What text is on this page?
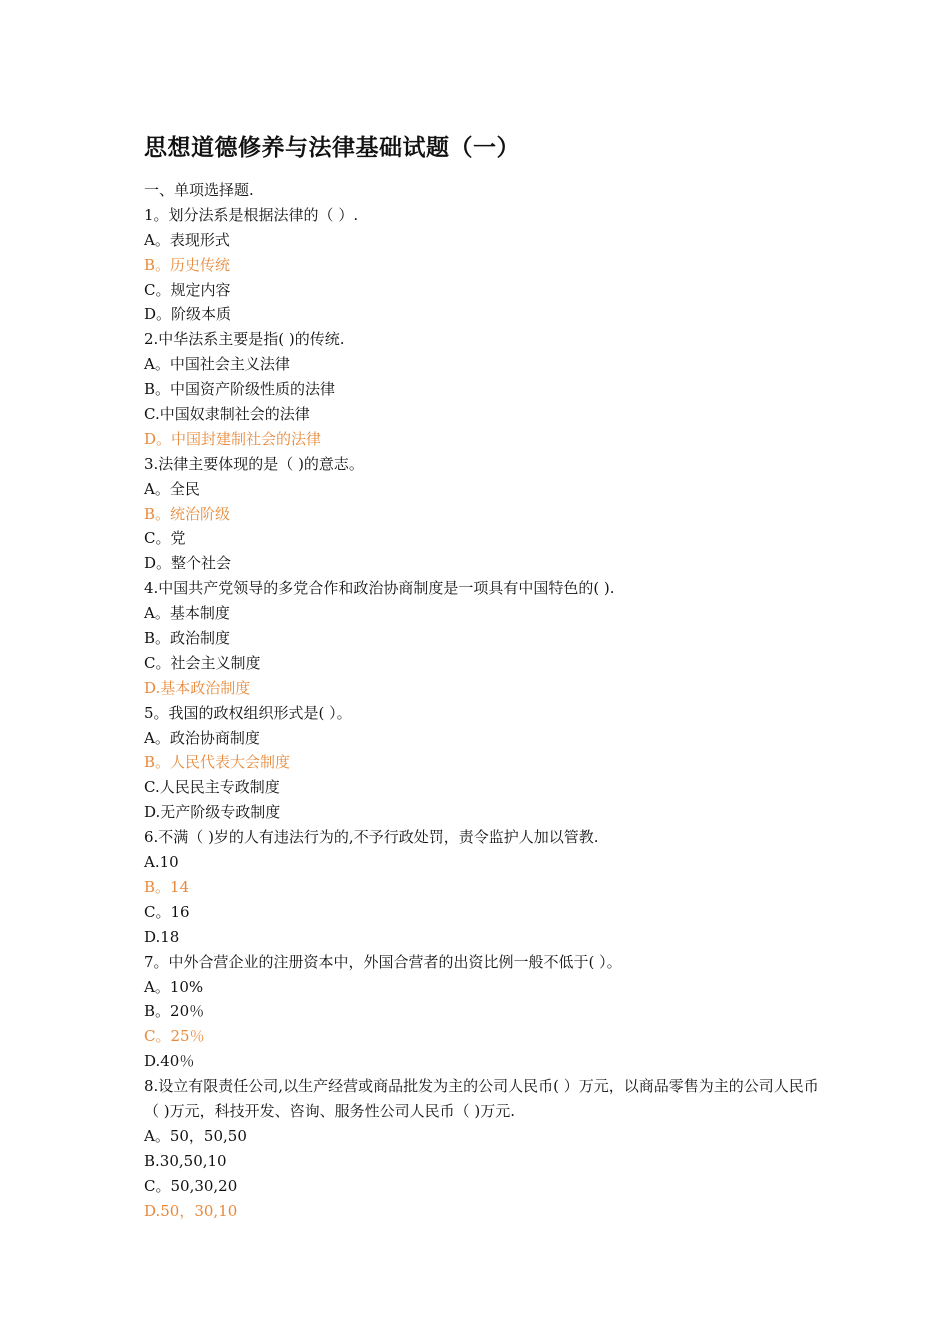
思想道德修养与法律基础试题（一）
一、单项选择题.
1。划分法系是根据法律的（ ）.
A。表现形式
B。历史传统
C。规定内容
D。阶级本质
2.中华法系主要是指( )的传统.
A。中国社会主义法律
B。中国资产阶级性质的法律
C.中国奴隶制社会的法律
D。中国封建制社会的法律
3.法律主要体现的是（ )的意志。
A。全民
B。统治阶级
C。党
D。整个社会
4.中国共产党领导的多党合作和政治协商制度是一项具有中国特色的( ).
A。基本制度
B。政治制度
C。社会主义制度
D.基本政治制度
5。我国的政权组织形式是( ）。
A。政治协商制度
B。人民代表大会制度
C.人民民主专政制度
D.无产阶级专政制度
6.不满（ )岁的人有违法行为的,不予行政处罚，责令监护人加以管教.
A.10
B。14
C。16
D.18
7。中外合营企业的注册资本中，外国合营者的出资比例一般不低于( ）。
A。10%
B。20％
C。25％
D.40％
8.设立有限责任公司,以生产经营或商品批发为主的公司人民币( ）万元，以商品零售为主的公司人民币（ )万元，科技开发、咨询、服务性公司人民币（ )万元.
A。50，50,50
B.30,50,10
C。50,30,20
D.50，30,10
